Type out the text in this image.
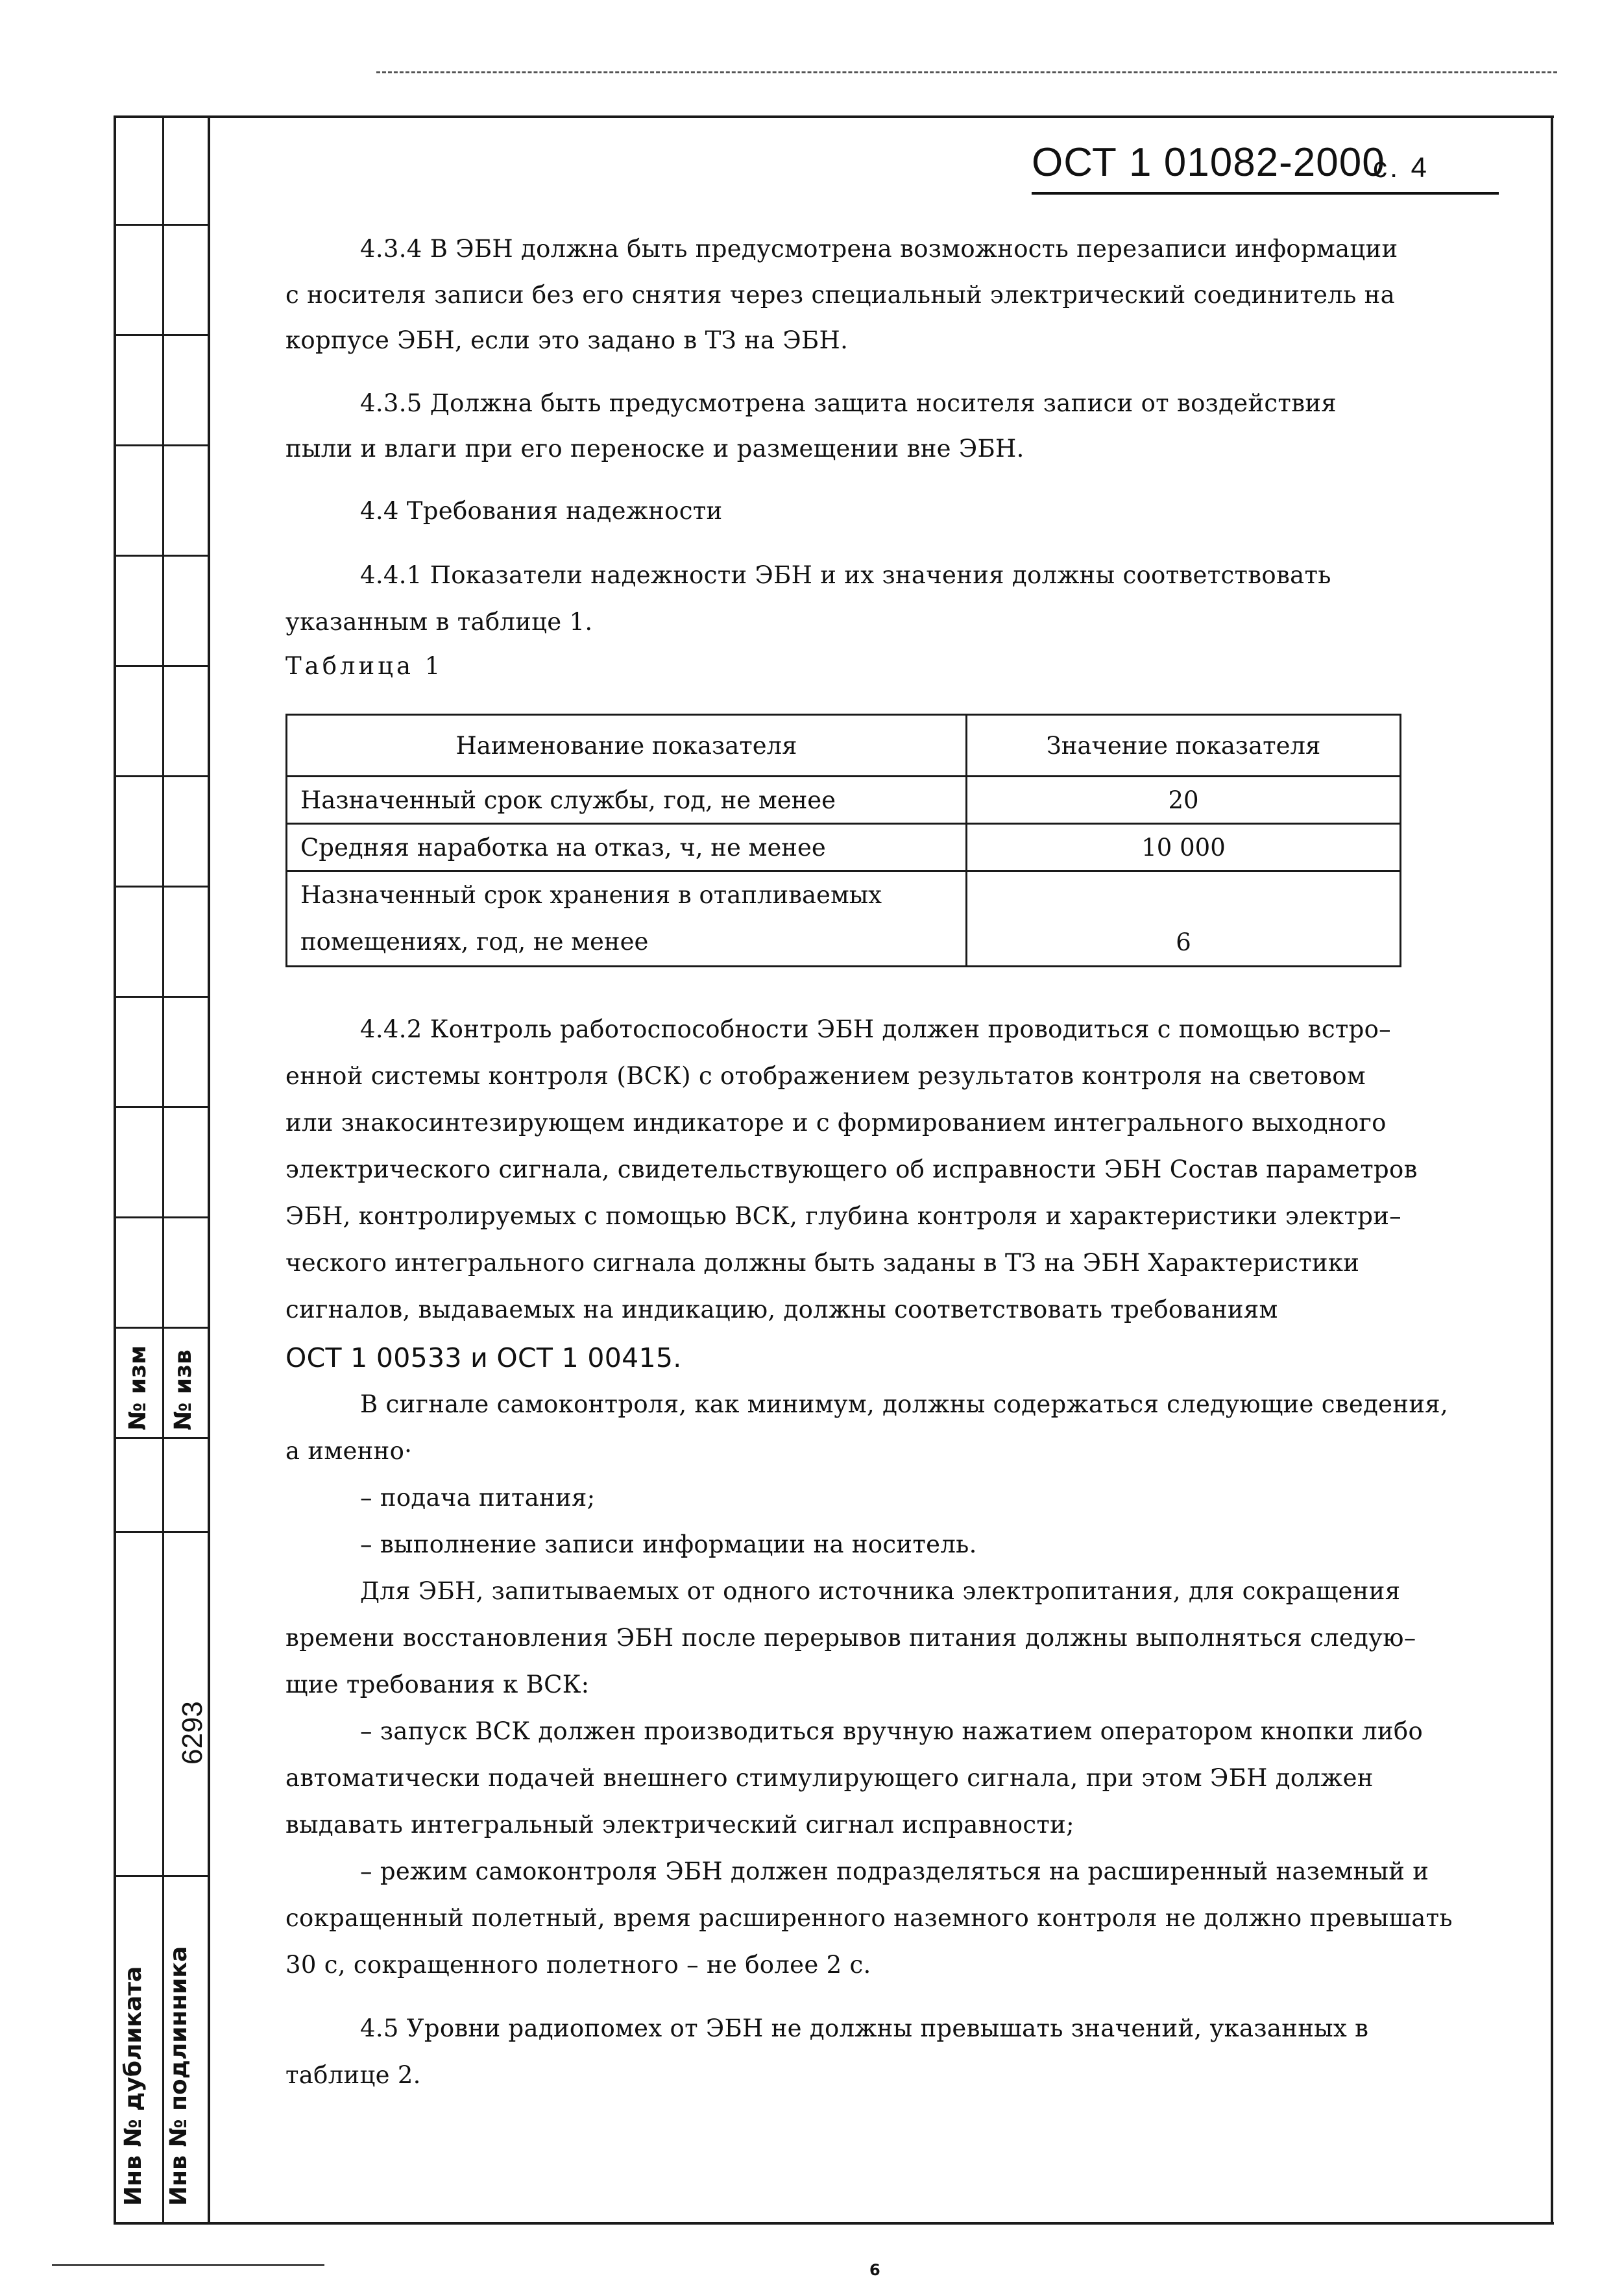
№ изм № изв
6293
Инв № дубликата Инв № подлинника
ОСТ 1 01082-2000
с. 4
4.3.4 В ЭБН должна быть предусмотрена возможность перезаписи информации
с носителя записи без его снятия через специальный электрический соединитель на
корпусе ЭБН, если это задано в ТЗ на ЭБН.
4.3.5 Должна быть предусмотрена защита носителя записи от воздействия
пыли и влаги при его переноске и размещении вне ЭБН.
4.4 Требования надежности
4.4.1 Показатели надежности ЭБН и их значения должны соответствовать
указанным в таблице 1.
Таблица 1
Наименование показателя	Значение показателя
Назначенный срок службы, год, не менее	20
Средняя наработка на отказ, ч, не менее	10 000

Назначенный срок хранения в отапливаемых
помещениях, год, не менее	6
4.4.2 Контроль работоспособности ЭБН должен проводиться с помощью встро–
енной системы контроля (ВСК) с отображением результатов контроля на световом
или знакосинтезирующем индикаторе и с формированием интегрального выходного
электрического сигнала, свидетельствующего об исправности ЭБН Состав параметров
ЭБН, контролируемых с помощью ВСК, глубина контроля и характеристики электри–
ческого интегрального сигнала должны быть заданы в ТЗ на ЭБН Характеристики
сигналов, выдаваемых на индикацию, должны соответствовать требованиям
ОСТ 1 00533 и ОСТ 1 00415.
В сигнале самоконтроля, как минимум, должны содержаться следующие сведения,
а именно·
– подача питания;
– выполнение записи информации на носитель.
Для ЭБН, запитываемых от одного источника электропитания, для сокращения
времени восстановления ЭБН после перерывов питания должны выполняться следую–
щие требования к ВСК:
– запуск ВСК должен производиться вручную нажатием оператором кнопки либо
автоматически подачей внешнего стимулирующего сигнала, при этом ЭБН должен
выдавать интегральный электрический сигнал исправности;
– режим самоконтроля ЭБН должен подразделяться на расширенный наземный и
сокращенный полетный, время расширенного наземного контроля не должно превышать
30 с, сокращенного полетного – не более 2 с.
4.5 Уровни радиопомех от ЭБН не должны превышать значений, указанных в
таблице 2.
6
